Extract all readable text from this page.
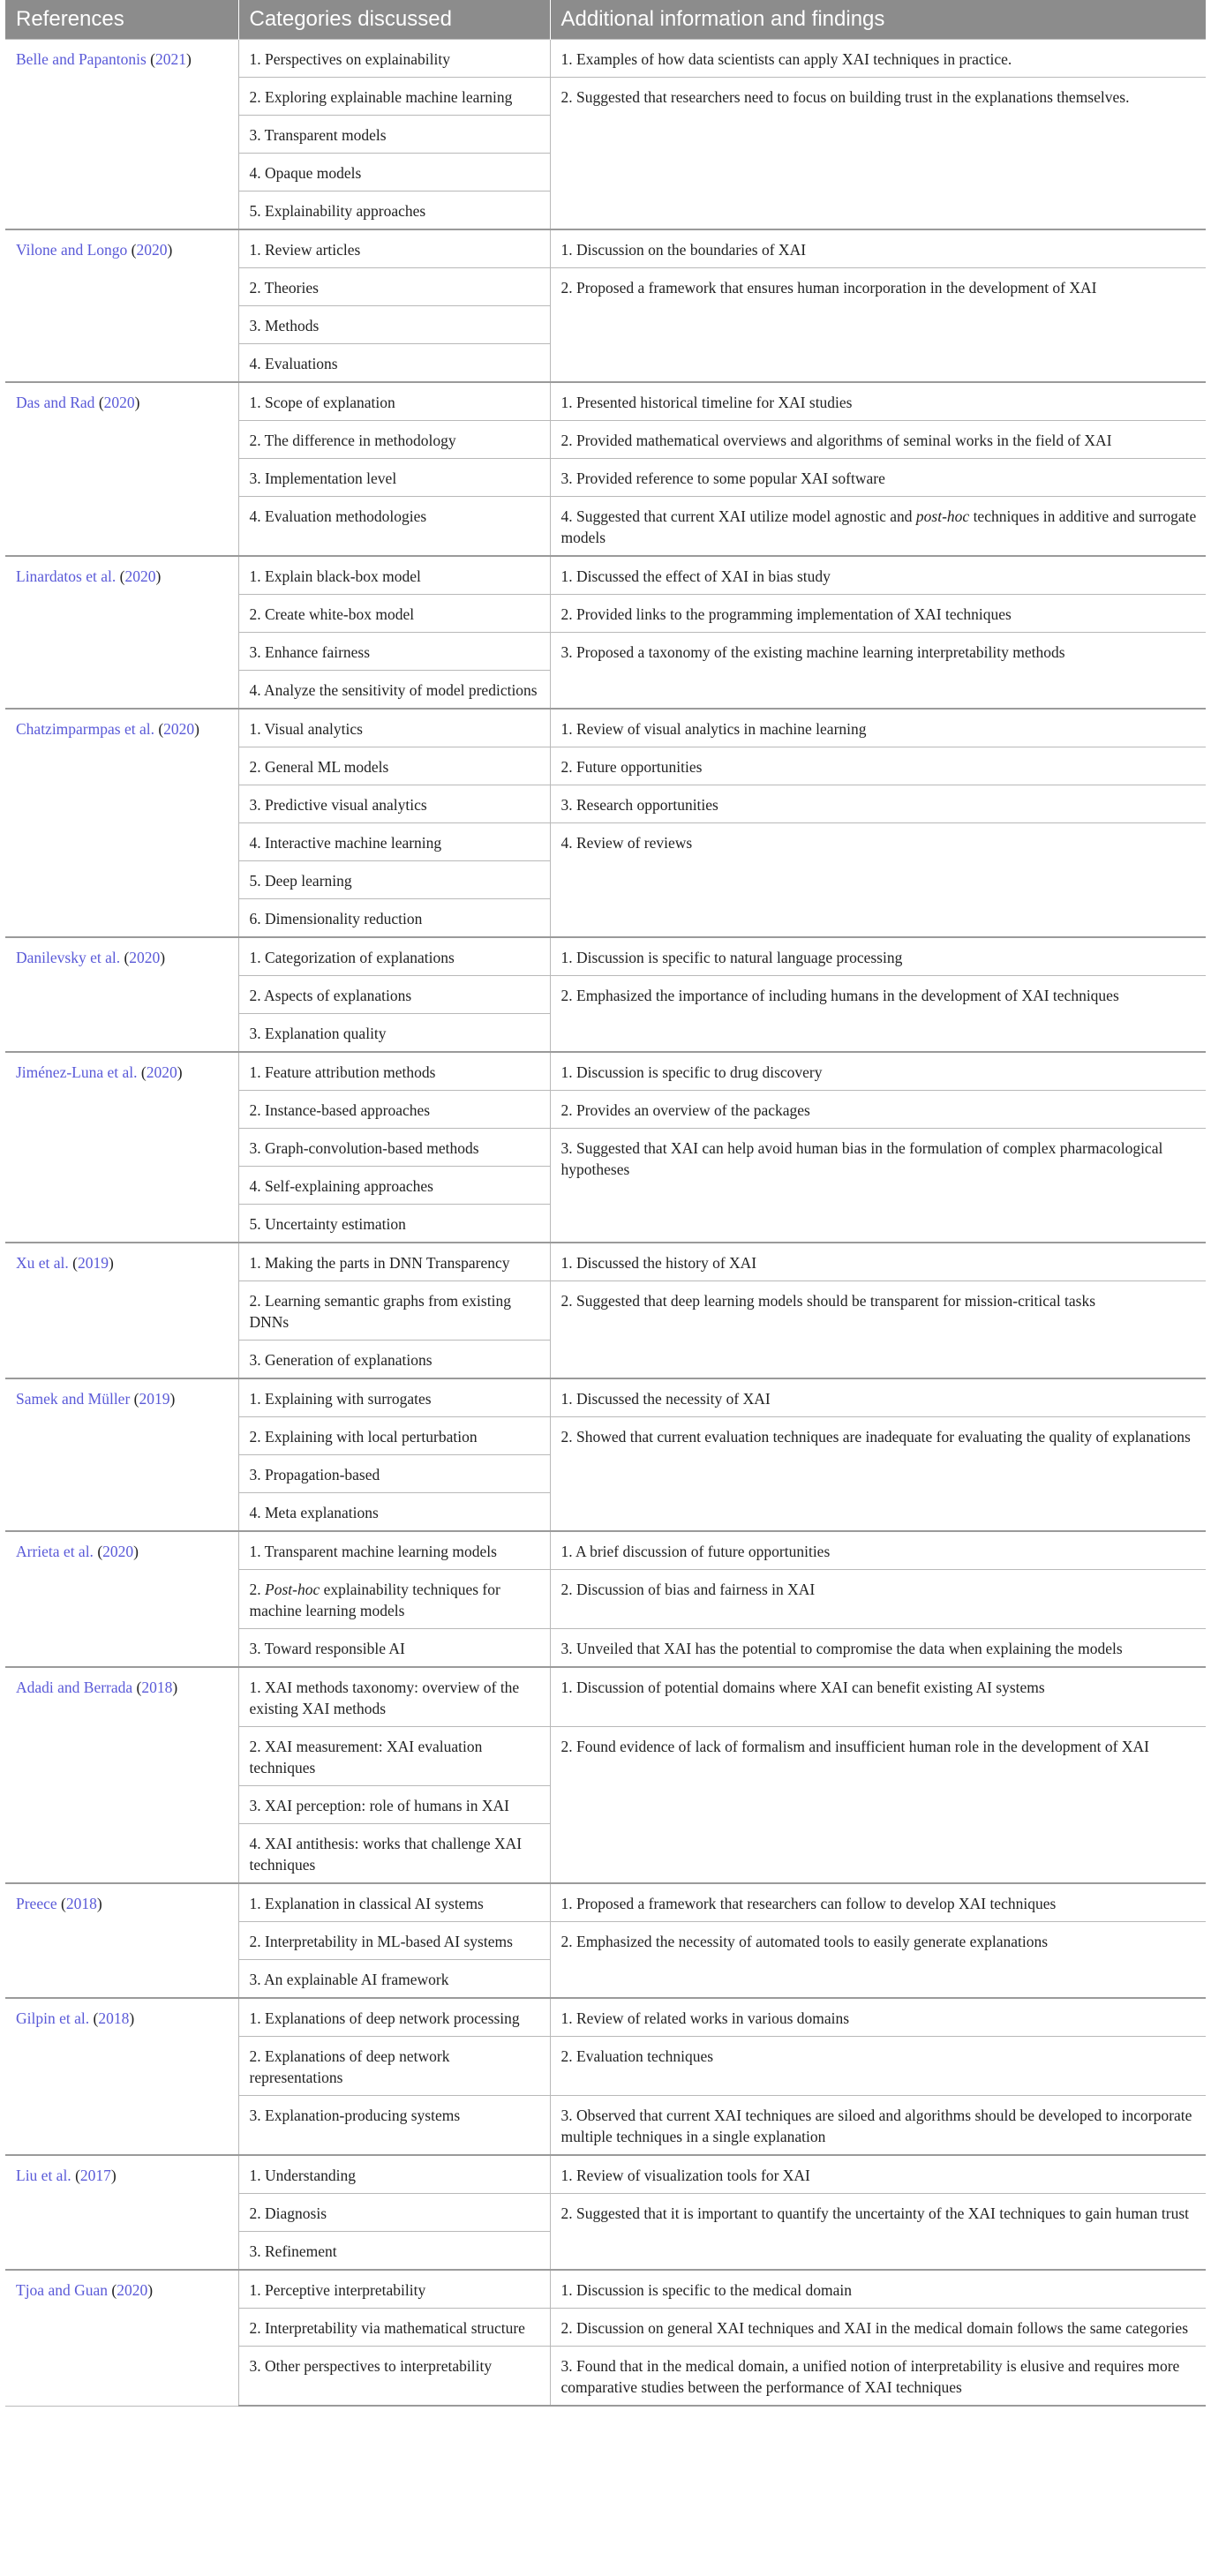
References	Categories discussed	Additional information and findings
Belle and Papantonis (2021)	1. Perspectives on explainability	1. Examples of how data scientists can apply XAI techniques in practice.
	2. Exploring explainable machine learning	2. Suggested that researchers need to focus on building trust in the explanations themselves.
	3. Transparent models	
	4. Opaque models	
	5. Explainability approaches	
Vilone and Longo (2020)	1. Review articles	1. Discussion on the boundaries of XAI
	2. Theories	2. Proposed a framework that ensures human incorporation in the development of XAI
	3. Methods	
	4. Evaluations	
Das and Rad (2020)	1. Scope of explanation	1. Presented historical timeline for XAI studies
	2. The difference in methodology	2. Provided mathematical overviews and algorithms of seminal works in the field of XAI
	3. Implementation level	3. Provided reference to some popular XAI software
	4. Evaluation methodologies	4. Suggested that current XAI utilize model agnostic and post-hoc techniques in additive and surrogate models
Linardatos et al. (2020)	1. Explain black-box model	1. Discussed the effect of XAI in bias study
	2. Create white-box model	2. Provided links to the programming implementation of XAI techniques
	3. Enhance fairness	3. Proposed a taxonomy of the existing machine learning interpretability methods
	4. Analyze the sensitivity of model predictions	
Chatzimparmpas et al. (2020)	1. Visual analytics	1. Review of visual analytics in machine learning
	2. General ML models	2. Future opportunities
	3. Predictive visual analytics	3. Research opportunities
	4. Interactive machine learning	4. Review of reviews
	5. Deep learning	
	6. Dimensionality reduction	
Danilevsky et al. (2020)	1. Categorization of explanations	1. Discussion is specific to natural language processing
	2. Aspects of explanations	2. Emphasized the importance of including humans in the development of XAI techniques
	3. Explanation quality	
Jiménez-Luna et al. (2020)	1. Feature attribution methods	1. Discussion is specific to drug discovery
	2. Instance-based approaches	2. Provides an overview of the packages
	3. Graph-convolution-based methods	3. Suggested that XAI can help avoid human bias in the formulation of complex pharmacological hypotheses
	4. Self-explaining approaches	
	5. Uncertainty estimation	
Xu et al. (2019)	1. Making the parts in DNN Transparency	1. Discussed the history of XAI
	2. Learning semantic graphs from existing DNNs	2. Suggested that deep learning models should be transparent for mission-critical tasks
	3. Generation of explanations	
Samek and Müller (2019)	1. Explaining with surrogates	1. Discussed the necessity of XAI
	2. Explaining with local perturbation	2. Showed that current evaluation techniques are inadequate for evaluating the quality of explanations
	3. Propagation-based	
	4. Meta explanations	
Arrieta et al. (2020)	1. Transparent machine learning models	1. A brief discussion of future opportunities
	2. Post-hoc explainability techniques for machine learning models	2. Discussion of bias and fairness in XAI
	3. Toward responsible AI	3. Unveiled that XAI has the potential to compromise the data when explaining the models
Adadi and Berrada (2018)	1. XAI methods taxonomy: overview of the existing XAI methods	1. Discussion of potential domains where XAI can benefit existing AI systems
	2. XAI measurement: XAI evaluation techniques	2. Found evidence of lack of formalism and insufficient human role in the development of XAI
	3. XAI perception: role of humans in XAI	
	4. XAI antithesis: works that challenge XAI techniques	
Preece (2018)	1. Explanation in classical AI systems	1. Proposed a framework that researchers can follow to develop XAI techniques
	2. Interpretability in ML-based AI systems	2. Emphasized the necessity of automated tools to easily generate explanations
	3. An explainable AI framework	
Gilpin et al. (2018)	1. Explanations of deep network processing	1. Review of related works in various domains
	2. Explanations of deep network representations	2. Evaluation techniques
	3. Explanation-producing systems	3. Observed that current XAI techniques are siloed and algorithms should be developed to incorporate multiple techniques in a single explanation
Liu et al. (2017)	1. Understanding	1. Review of visualization tools for XAI
	2. Diagnosis	2. Suggested that it is important to quantify the uncertainty of the XAI techniques to gain human trust
	3. Refinement	
Tjoa and Guan (2020)	1. Perceptive interpretability	1. Discussion is specific to the medical domain
	2. Interpretability via mathematical structure	2. Discussion on general XAI techniques and XAI in the medical domain follows the same categories
	3. Other perspectives to interpretability	3. Found that in the medical domain, a unified notion of interpretability is elusive and requires more comparative studies between the performance of XAI techniques
